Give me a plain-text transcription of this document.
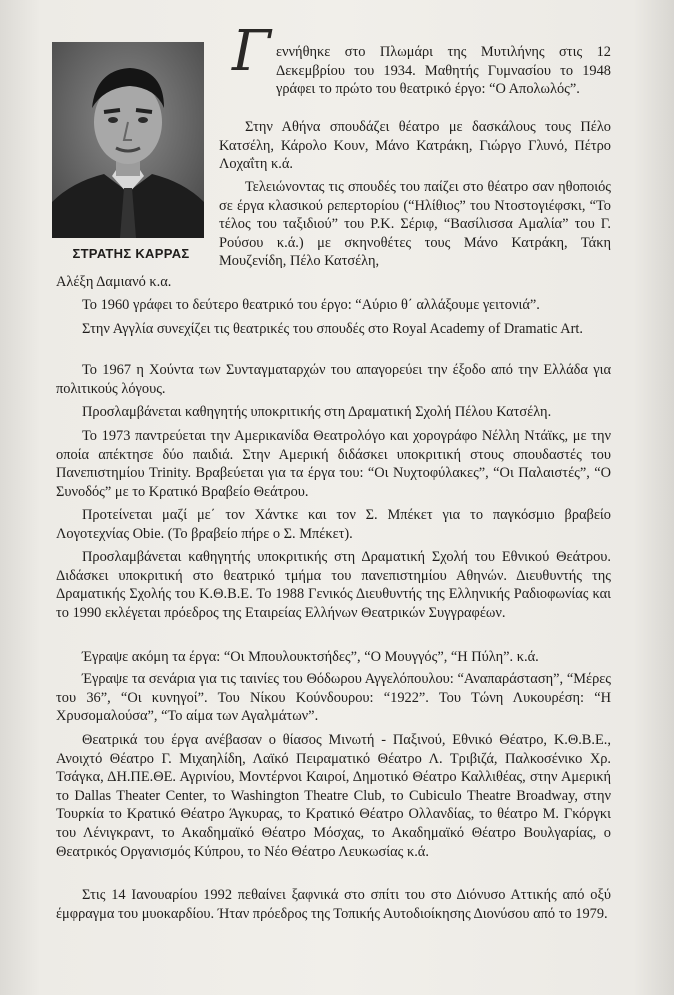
ΣΤΡΑΤΗΣ ΚΑΡΡΑΣ
Γ εννήθηκε στο Πλωμάρι της Μυτιλήνης στις 12 Δεκεμβρίου του 1934. Μαθητής Γυμνασίου το 1948 γράφει το πρώτο του θεατρικό έργο: “Ο Απολωλός”.
Στην Αθήνα σπουδάζει θέατρο με δασκάλους τους Πέλο Κατσέλη, Κάρολο Κουν, Μάνο Κατράκη, Γιώργο Γλυνό, Πέτρο Λοχαΐτη κ.ά.
Τελειώνοντας τις σπουδές του παίζει στο θέατρο σαν ηθοποιός σε έργα κλασικού ρεπερτορίου (“Ηλίθιος” του Ντοστογιέφσκι, “Το τέλος του ταξιδιού” του Ρ.Κ. Σέριφ, “Βασίλισσα Αμαλία” του Γ. Ρούσου κ.ά.) με σκηνοθέτες τους Μάνο Κατράκη, Τάκη Μουζενίδη, Πέλο Κατσέλη,
Αλέξη Δαμιανό κ.α.
Το 1960 γράφει το δεύτερο θεατρικό του έργο: “Αύριο θ΄ αλλάξουμε γειτονιά”.
Στην Αγγλία συνεχίζει τις θεατρικές του σπουδές στο Royal Academy of Dramatic Art.
Το 1967 η Χούντα των Συνταγματαρχών του απαγορεύει την έξοδο από την Ελλάδα για πολιτικούς λόγους.
Προσλαμβάνεται καθηγητής υποκριτικής στη Δραματική Σχολή Πέλου Κατσέλη.
Το 1973 παντρεύεται την Αμερικανίδα Θεατρολόγο και χορογράφο Νέλλη Ντάϊκς, με την οποία απέκτησε δύο παιδιά. Στην Αμερική διδάσκει υποκριτική στους σπουδαστές του Πανεπιστημίου Trinity. Βραβεύεται για τα έργα του: “Οι Νυχτοφύλακες”, “Οι Παλαιστές”, “Ο Συνοδός” με το Κρατικό Βραβείο Θεάτρου.
Προτείνεται μαζί με΄ τον Χάντκε και τον Σ. Μπέκετ για το παγκόσμιο βραβείο Λογοτεχνίας Obie. (Το βραβείο πήρε ο Σ. Μπέκετ).
Προσλαμβάνεται καθηγητής υποκριτικής στη Δραματική Σχολή του Εθνικού Θεάτρου. Διδάσκει υποκριτική στο θεατρικό τμήμα του πανεπιστημίου Αθηνών. Διευθυντής της Δραματικής Σχολής του Κ.Θ.Β.Ε. Το 1988 Γενικός Διευθυντής της Ελληνικής Ραδιοφωνίας και το 1990 εκλέγεται πρόεδρος της Εταιρείας Ελλήνων Θεατρικών Συγγραφέων.
Έγραψε ακόμη τα έργα: “Οι Μπουλουκτσήδες”, “Ο Μουγγός”, “Η Πύλη”. κ.ά.
Έγραψε τα σενάρια για τις ταινίες του Θόδωρου Αγγελόπουλου: “Αναπαράσταση”, “Μέρες του 36”, “Οι κυνηγοί”. Του Νίκου Κούνδουρου: “1922”. Του Τώνη Λυκουρέση: “Η Χρυσομαλούσα”, “Το αίμα των Αγαλμάτων”.
Θεατρικά του έργα ανέβασαν ο θίασος Μινωτή - Παξινού, Εθνικό Θέατρο, Κ.Θ.Β.Ε., Ανοιχτό Θέατρο Γ. Μιχαηλίδη, Λαϊκό Πειραματικό Θέατρο Λ. Τριβιζά, Παλκοσένικο Χρ. Τσάγκα, ΔΗ.ΠΕ.ΘΕ. Αγρινίου, Μοντέρνοι Καιροί, Δημοτικό Θέατρο Καλλιθέας, στην Αμερική το Dallas Theater Center, το Washington Theatre Club, το Cubiculo Theatre Broadway, στην Τουρκία το Κρατικό Θέατρο Άγκυρας, το Κρατικό Θέατρο Ολλανδίας, το θέατρο Μ. Γκόργκι του Λένιγκραντ, το Ακαδημαϊκό Θέατρο Μόσχας, το Ακαδημαϊκό Θέατρο Βουλγαρίας, ο Θεατρικός Οργανισμός Κύπρου, το Νέο Θέατρο Λευκωσίας κ.ά.
Στις 14 Ιανουαρίου 1992 πεθαίνει ξαφνικά στο σπίτι του στο Διόνυσο Αττικής από οξύ έμφραγμα του μυοκαρδίου. Ήταν πρόεδρος της Τοπικής Αυτοδιοίκησης Διονύσου από το 1979.
